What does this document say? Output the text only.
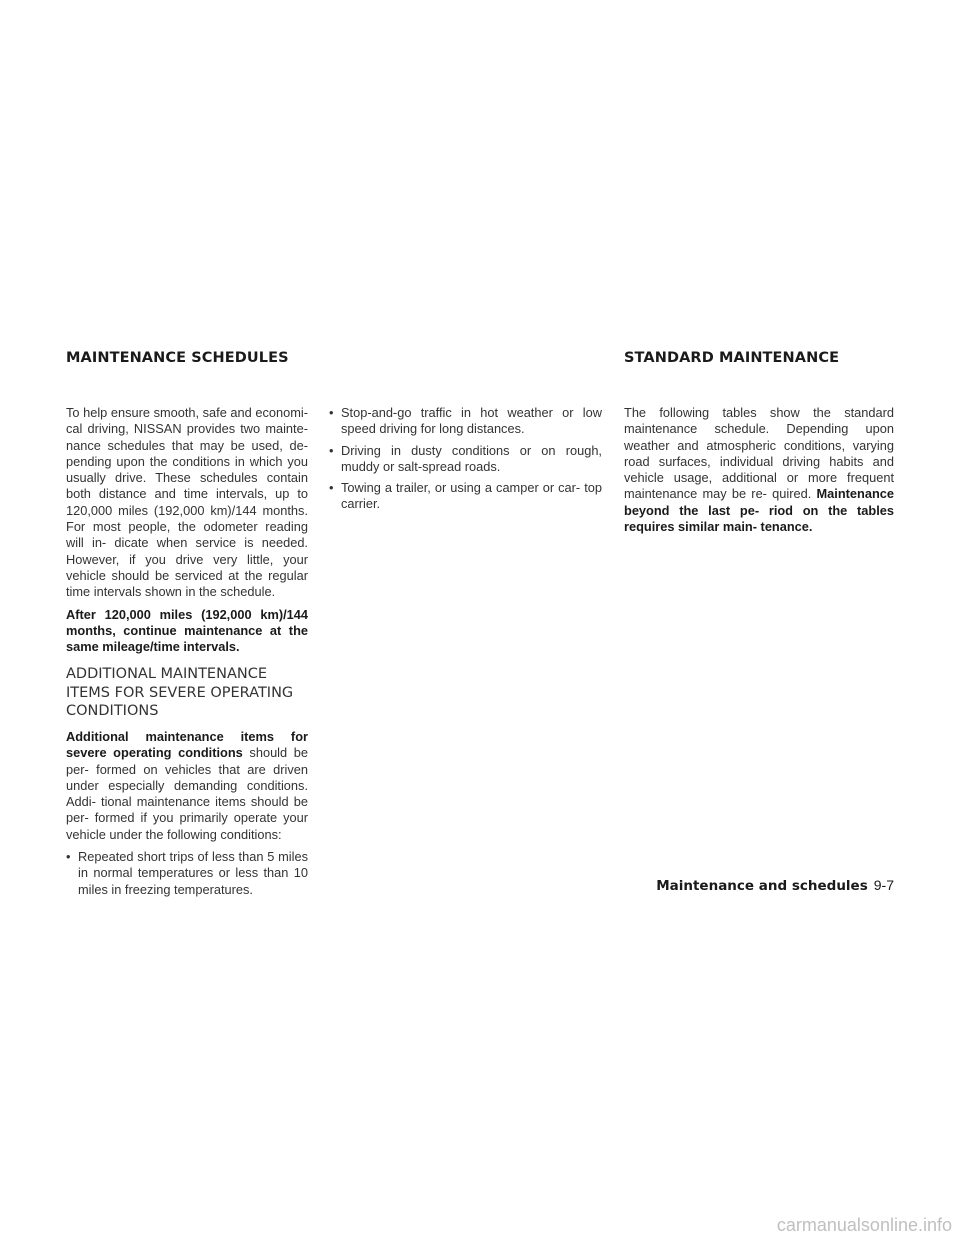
MAINTENANCE SCHEDULES	STANDARD MAINTENANCE

To help ensure smooth, safe and economi- cal driving, NISSAN provides two mainte- nance schedules that may be used, de- pending upon the conditions in which you usually drive. These schedules contain both distance and time intervals, up to 120,000 miles (192,000 km)/144 months. For most people, the odometer reading will in- dicate when service is needed. However, if you drive very little, your vehicle should be serviced at the regular time intervals shown in the schedule.

After 120,000 miles (192,000 km)/144 months, continue maintenance at the same mileage/time intervals.

ADDITIONAL MAINTENANCE ITEMS FOR SEVERE OPERATING CONDITIONS

Additional maintenance items for severe operating conditions should be per- formed on vehicles that are driven under especially demanding conditions. Addi- tional maintenance items should be per- formed if you primarily operate your vehicle under the following conditions:

• Repeated short trips of less than 5 miles in normal temperatures or less than 10 miles in freezing temperatures.
• Stop-and-go traffic in hot weather or low speed driving for long distances.
• Driving in dusty conditions or on rough, muddy or salt-spread roads.
• Towing a trailer, or using a camper or car- top carrier.

The following tables show the standard maintenance schedule. Depending upon weather and atmospheric conditions, varying road surfaces, individual driving habits and vehicle usage, additional or more frequent maintenance may be re- quired. Maintenance beyond the last pe- riod on the tables requires similar main- tenance.

Maintenance and schedules 9-7
carmanualsonline.info
